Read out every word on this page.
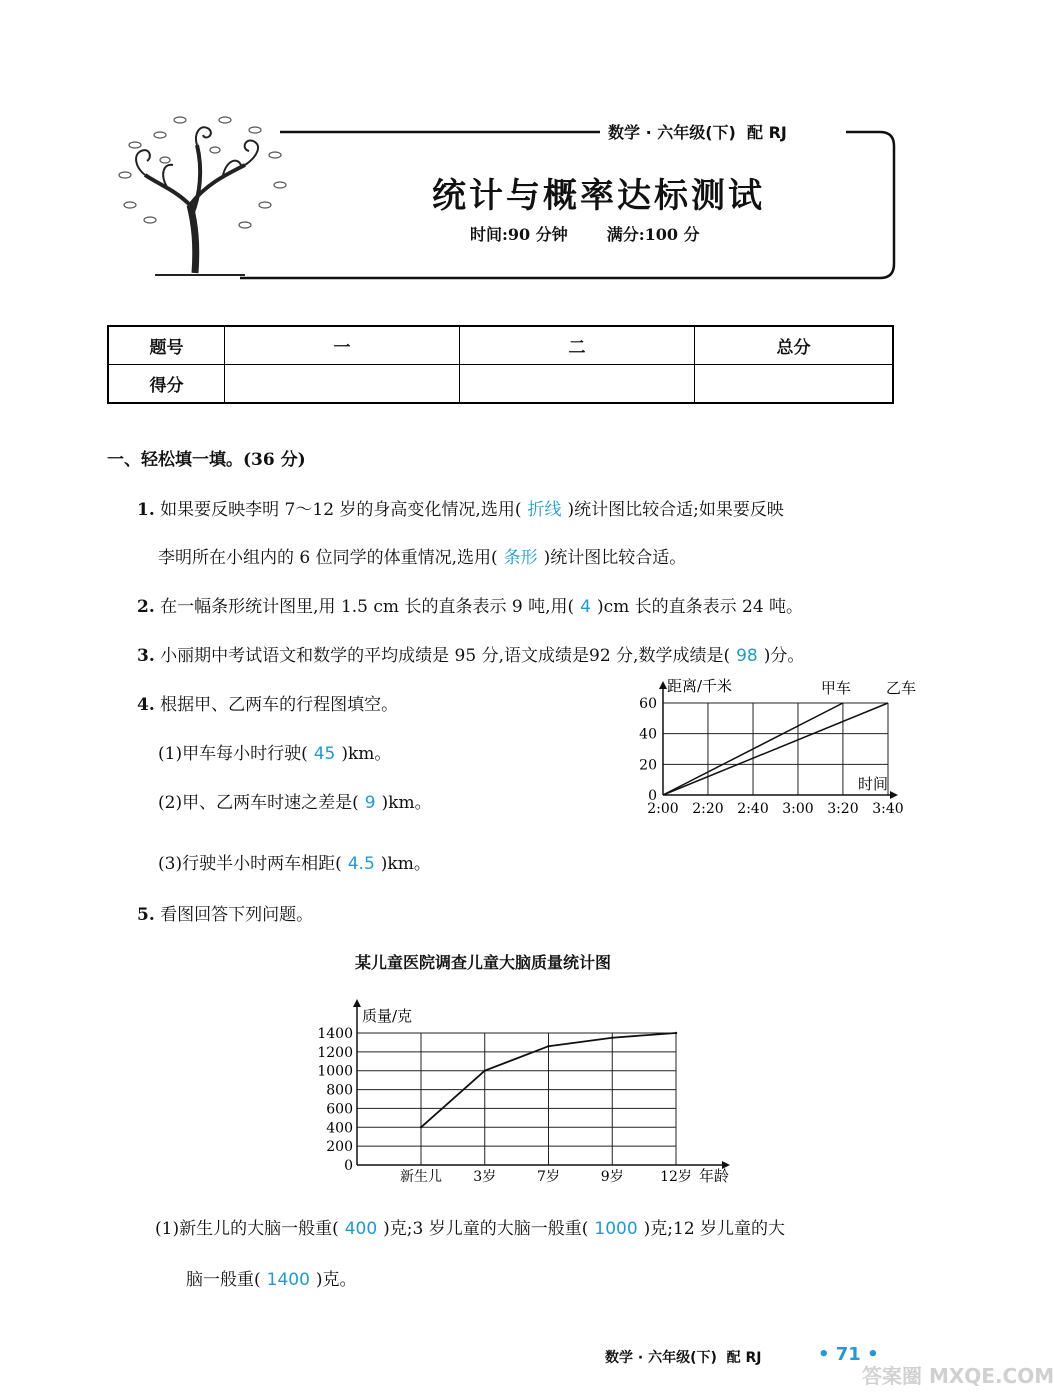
数学 · 六年级(下) 配 RJ
统计与概率达标测试
时间:90 分钟 满分:100 分
题号	一	二	总分
得分			
一、轻松填一填。(36 分)
1. 如果要反映李明 7～12 岁的身高变化情况,选用( 折线 )统计图比较合适;如果要反映
李明所在小组内的 6 位同学的体重情况,选用( 条形 )统计图比较合适。
2. 在一幅条形统计图里,用 1.5 cm 长的直条表示 9 吨,用( 4 )cm 长的直条表示 24 吨。
3. 小丽期中考试语文和数学的平均成绩是 95 分,语文成绩是92 分,数学成绩是( 98 )分。
4. 根据甲、乙两车的行程图填空。
(1)甲车每小时行驶( 45 )km。
(2)甲、乙两车时速之差是( 9 )km。
(3)行驶半小时两车相距( 4.5 )km。
距离/千米
时间
0
20
40
60
2:00 2:20 2:40 3:00 3:20 3:40
甲车 乙车
5. 看图回答下列问题。
某儿童医院调查儿童大脑质量统计图
质量/克
年龄
0
200
400
600
800
1000
1200
1400
新生儿 3岁	7岁	9岁	12岁
(1)新生儿的大脑一般重( 400 )克;3 岁儿童的大脑一般重( 1000 )克;12 岁儿童的大
脑一般重( 1400 )克。
数学 · 六年级(下) 配 RJ	• 71 •
答案圈 MXQE.COM
